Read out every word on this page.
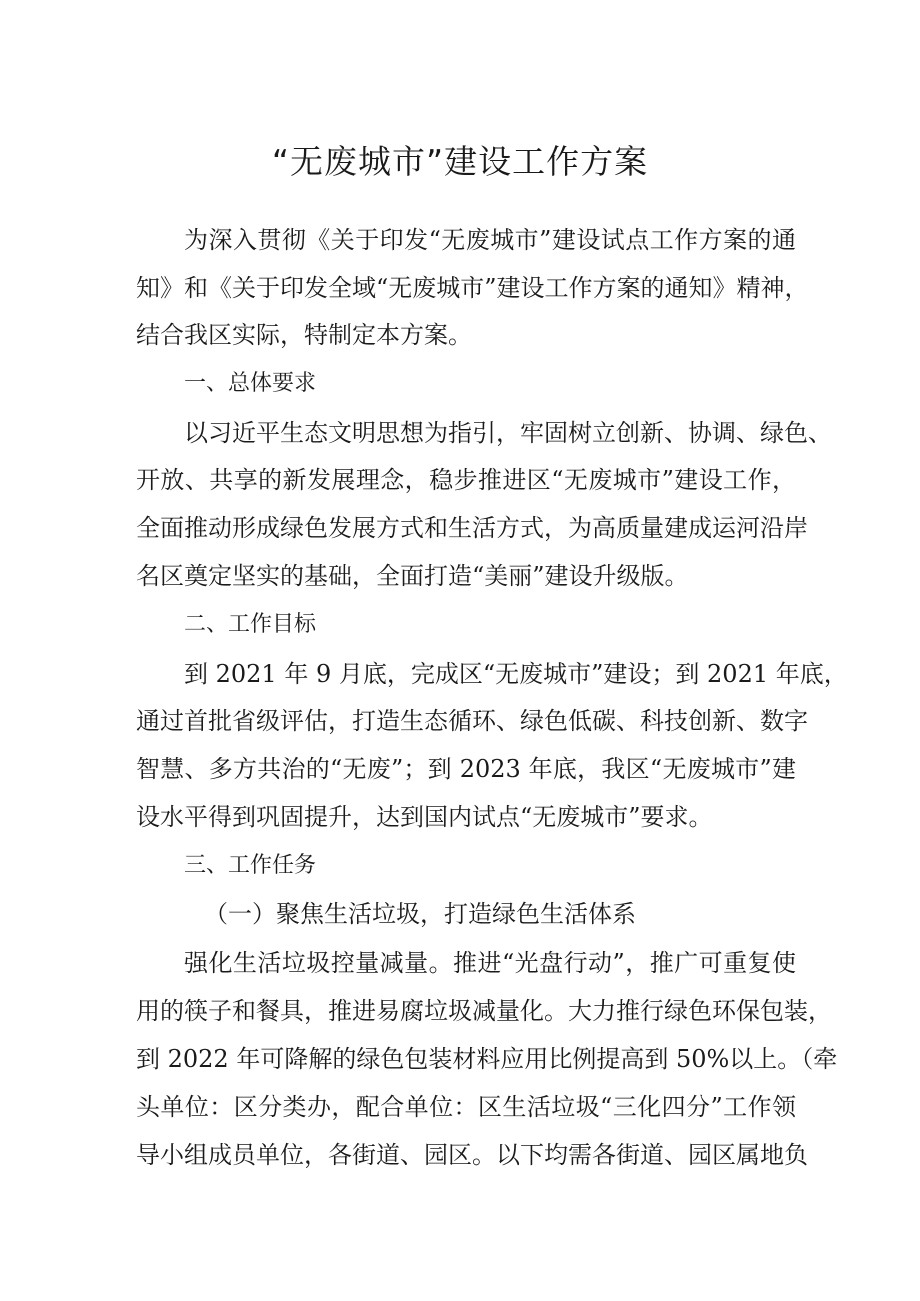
“无废城市”建设工作方案
为深入贯彻《关于印发“无废城市”建设试点工作方案的通
知》和《关于印发全域“无废城市”建设工作方案的通知》精神，
结合我区实际，特制定本方案。
一、总体要求
以习近平生态文明思想为指引，牢固树立创新、协调、绿色、
开放、共享的新发展理念，稳步推进区“无废城市”建设工作，
全面推动形成绿色发展方式和生活方式，为高质量建成运河沿岸
名区奠定坚实的基础，全面打造“美丽”建设升级版。
二、工作目标
到 2021 年 9 月底，完成区“无废城市”建设；到 2021 年底，
通过首批省级评估，打造生态循环、绿色低碳、科技创新、数字
智慧、多方共治的“无废”；到 2023 年底，我区“无废城市”建
设水平得到巩固提升，达到国内试点“无废城市”要求。
三、工作任务
（一）聚焦生活垃圾，打造绿色生活体系
强化生活垃圾控量减量。推进“光盘行动”，推广可重复使
用的筷子和餐具，推进易腐垃圾减量化。大力推行绿色环保包装，
到 2022 年可降解的绿色包装材料应用比例提高到 50%以上。（牵
头单位：区分类办，配合单位：区生活垃圾“三化四分”工作领
导小组成员单位，各街道、园区。以下均需各街道、园区属地负
